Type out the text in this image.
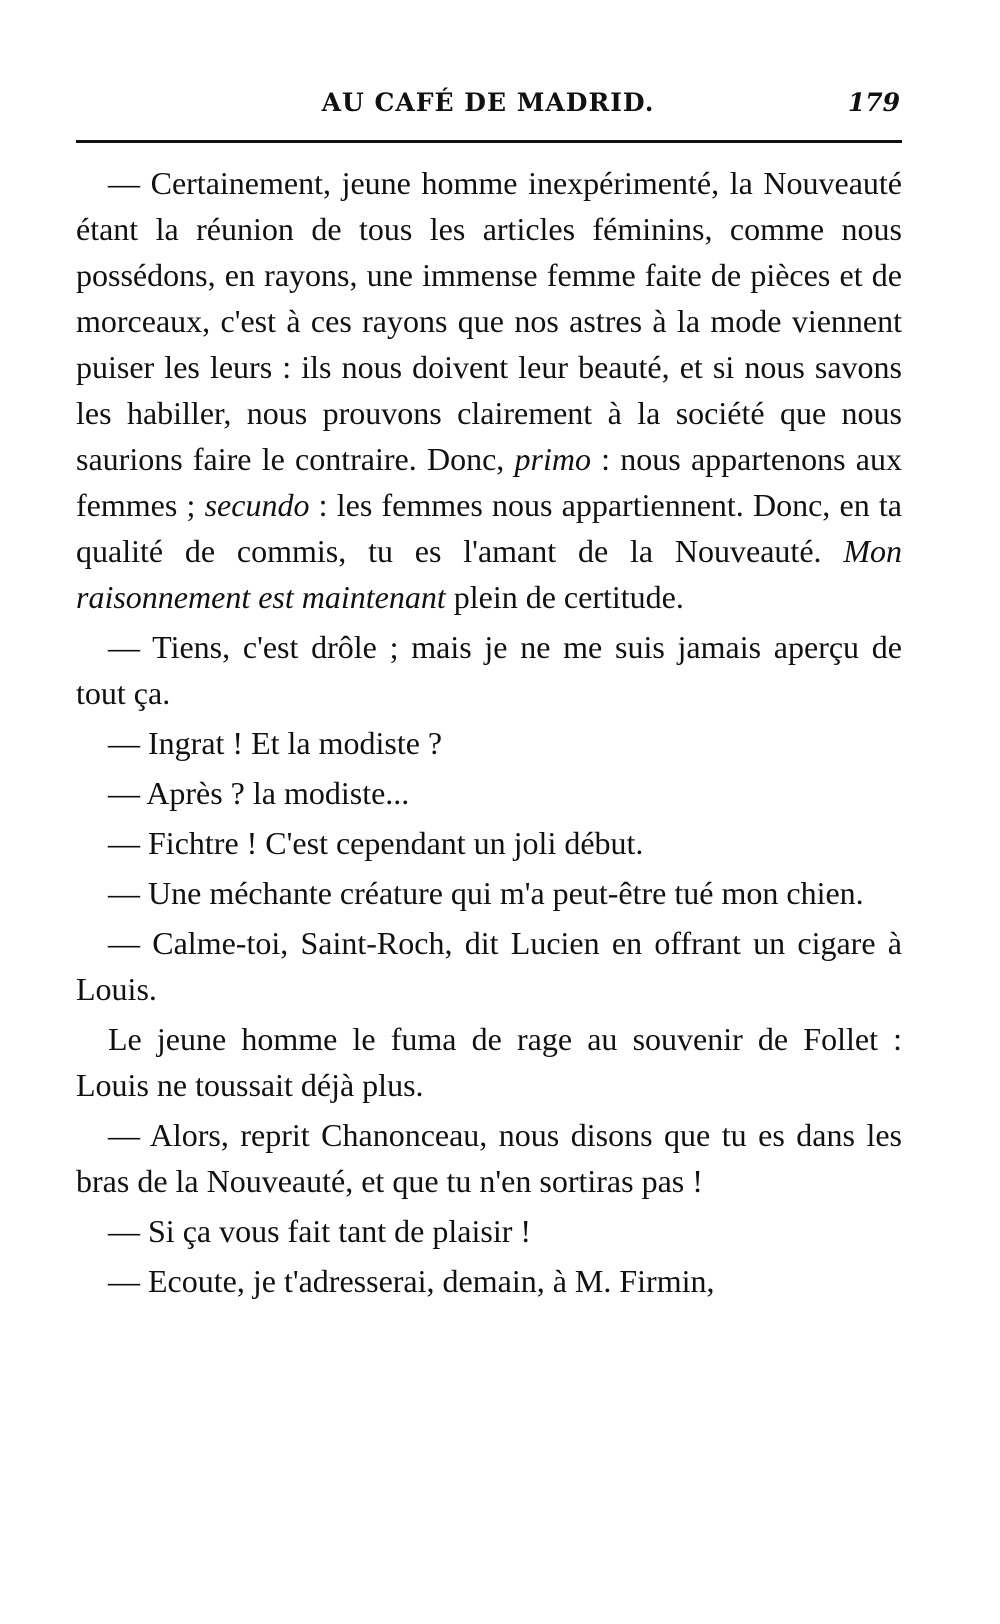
AU CAFÉ DE MADRID.	179

— Certainement, jeune homme inexpérimenté, la Nouveauté étant la réunion de tous les articles féminins, comme nous possédons, en rayons, une immense femme faite de pièces et de morceaux, c'est à ces rayons que nos astres à la mode viennent puiser les leurs : ils nous doivent leur beauté, et si nous savons les habiller, nous prouvons clairement à la société que nous saurions faire le contraire. Donc, primo : nous appartenons aux femmes ; secundo : les femmes nous appartiennent. Donc, en ta qualité de commis, tu es l'amant de la Nouveauté. Mon raisonnement est maintenant plein de certitude.

— Tiens, c'est drôle ; mais je ne me suis jamais aperçu de tout ça.

— Ingrat ! Et la modiste ?

— Après ? la modiste...

— Fichtre ! C'est cependant un joli début.

— Une méchante créature qui m'a peut-être tué mon chien.

— Calme-toi, Saint-Roch, dit Lucien en offrant un cigare à Louis.

Le jeune homme le fuma de rage au souvenir de Follet : Louis ne toussait déjà plus.

— Alors, reprit Chanonceau, nous disons que tu es dans les bras de la Nouveauté, et que tu n'en sortiras pas !

— Si ça vous fait tant de plaisir !

— Ecoute, je t'adresserai, demain, à M. Firmin,
